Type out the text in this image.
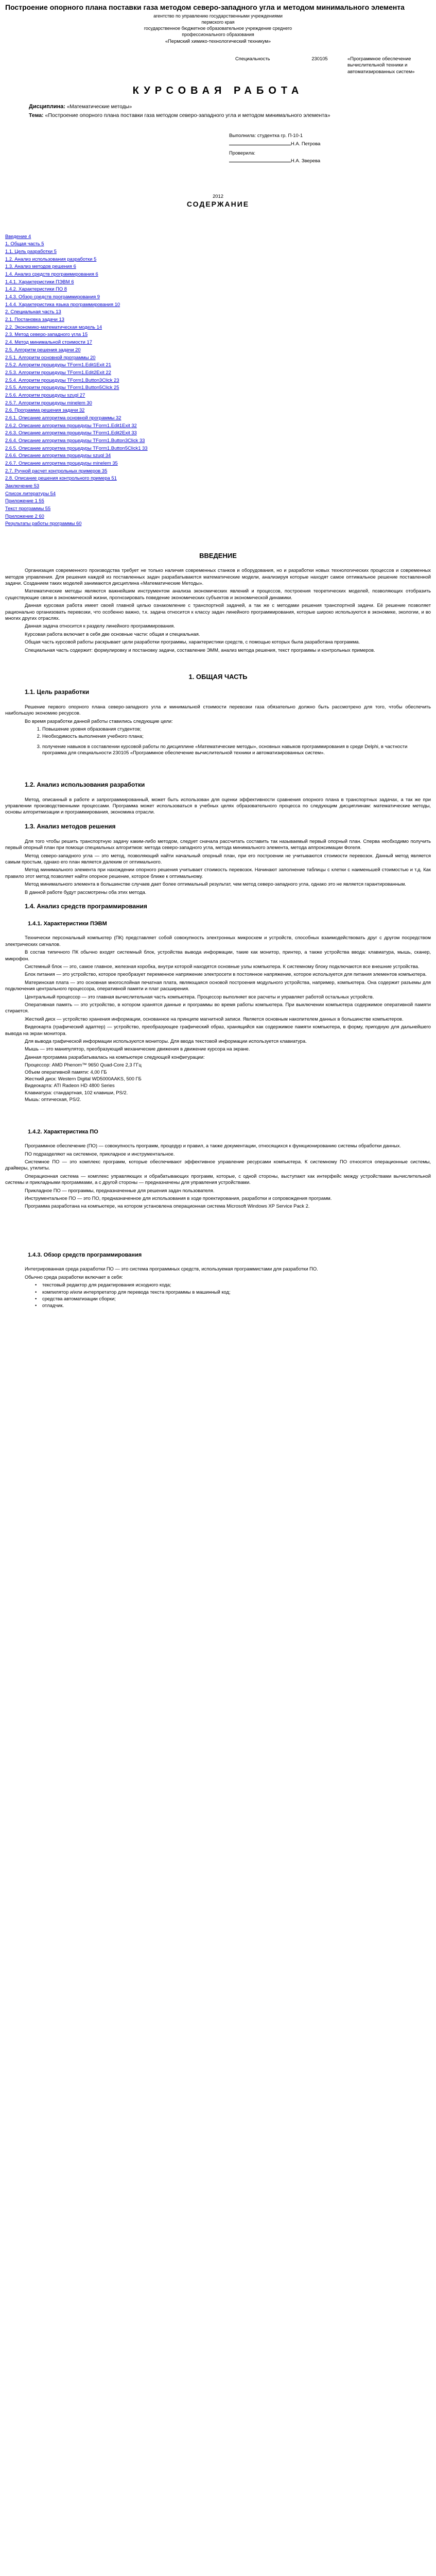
Построение опорного плана поставки газа методом северо-западного угла и методом минимального элемента

агентство по управлению государственными учреждениями

пермского края

государственное бюджетное образовательное учреждение среднего

профессионального образования

«Пермский химико-технологический техникум»

Специальность	230105	«Программное обеспечение вычислительной техники и автоматизированных систем»
КУРСОВАЯ РАБОТА
Дисциплина: «Математические методы»
Тема: «Построение опорного плана поставки газа методом северо-западного угла и методом минимального элемента»

Выполнила: студентка гр. П-10-1

Н.А. Петрова

Проверила:

Н.А. Зверева

2012

СОДЕРЖАНИЕ
Введение 4
1. Общая часть 5
1.1. Цель разработки 5
1.2. Анализ использования разработки 5
1.3. Анализ методов решения 6
1.4. Анализ средств программирования 6
1.4.1. Характеристики ПЭВМ 6
1.4.2. Характеристики ПО 8
1.4.3. Обзор средств программирования 9
1.4.4. Характеристика языка программирования 10
2. Специальная часть 13
2.1. Постановка задачи 13
2.2. Экономико-математическая модель 14
2.3. Метод северо-западного угла 15
2.4. Метод минимальной стоимости 17
2.5. Алгоритм решения задачи 20
2.5.1. Алгоритм основной программы 20
2.5.2. Алгоритм процедуры TForm1.Edit1Exit 21
2.5.3. Алгоритм процедуры TForm1.Edit2Exit 22
2.5.4. Алгоритм процедуры TForm1.Button3Click 23
2.5.5. Алгоритм процедуры TForm1.Button5Click 25
2.5.6. Алгоритм процедуры szugl 27
2.5.7. Алгоритм процедуры minelem 30
2.6. Программа решения задачи 32
2.6.1. Описание алгоритма основной программы 32
2.6.2. Описание алгоритма процедуры TForm1.Edit1Exit 32
2.6.3. Описание алгоритма процедуры TForm1.Edit2Exit 33
2.6.4. Описание алгоритма процедуры TForm1.Button3Click 33
2.6.5. Описание алгоритма процедуры TForm1.Button5Click1 33
2.6.6. Описание алгоритма процедуры szugl 34
2.6.7. Описание алгоритма процедуры minelem 35
2.7. Ручной расчет контрольных примеров 35
2.8. Описание решения контрольного примера 51
Заключение 53
Список литературы 54
Приложение 1 55
Текст программы 55
Приложение 2 60
Результаты работы программы 60
ВВЕДЕНИЕ

Организация современного производства требует не только наличия современных станков и оборудования, но и разработки новых технологических процессов и современных методов управления. Для решения каждой из поставленных задач разрабатываются математические модели, анализируя которые находят самое оптимальное решение поставленной задачи. Созданием таких моделей занимаются дисциплина «Математические Методы».

Математические методы являются важнейшим инструментом анализа экономических явлений и процессов, построения теоретических моделей, позволяющих отобразить существующие связи в экономической жизни, прогнозировать поведение экономических субъектов и экономической динамики.

Данная курсовая работа имеет своей главной целью ознакомление с транспортной задачей, а так же с методами решения транспортной задачи. Её решение позволяет рационально организовать перевозки, что особенно важно, т.к. задача относится к классу задач линейного программирования, которые широко используются в экономике, экологии, и во многих других отраслях.

Данная задача относится к разделу линейного программирования.

Курсовая работа включает в себя две основные части: общая и специальная.

Общая часть курсовой работы раскрывает цели разработки программы, характеристики средств, с помощью которых была разработана программа.

Специальная часть содержит: формулировку и постановку задачи, составление ЭММ, анализ метода решения, текст программы и контрольных примеров.

1. ОБЩАЯ ЧАСТЬ
1.1. Цель разработки

Решение первого опорного плана северо-западного угла и минимальной стоимости перевозки газа обязательно должно быть рассмотрено для того, чтобы обеспечить наибольшую экономию ресурсов.

Во время разработки данной работы ставились следующие цели:

1. Повышение уровня образования студентов;
2. Необходимость выполнения учебного плана;
3. получение навыков в составлении курсовой работы по дисциплине «Математические методы», основных навыков программирования в среде Delphi, в частности программа для специальности 230105 «Программное обеспечение вычислительной техники и автоматизированных систем».
1.2. Анализ использования разработки

Метод, описанный в работе и запрограммированный, может быть использован для оценки эффективности сравнения опорного плана в транспортных задачах, а так же при управлении производственными процессами. Программа может использоваться в учебных целях образовательного процесса по следующим дисциплинам: математические методы, основы алгоритмизации и программирования, экономика отрасли.

1.3. Анализ методов решения

Для того чтобы решить транспортную задачу каким-либо методом, следует сначала рассчитать составить так называемый первый опорный план. Сперва необходимо получить первый опорный план при помощи специальных алгоритмов: метода северо-западного угла, метода минимального элемента, метода аппроксимации Фогеля.

Метод северо-западного угла — это метод, позволяющий найти начальный опорный план, при его построении не учитываются стоимости перевозок. Данный метод является самым простым, однако его план является далеким от оптимального.

Метод минимального элемента при нахождении опорного решения учитывает стоимость перевозок. Начинают заполнение таблицы с клетки с наименьшей стоимостью и т.д. Как правило этот метод позволяет найти опорное решение, которое ближе к оптимальному.

Метод минимального элемента в большинстве случаев дает более оптимальный результат, чем метод северо-западного угла, однако это не является гарантированным.

В данной работе будут рассмотрены оба этих метода.

1.4. Анализ средств программирования
1.4.1. Характеристики ПЭВМ

Технически персональный компьютер (ПК) представляет собой совокупность электронных микросхем и устройств, способных взаимодействовать друг с другом посредством электрических сигналов.

В состав типичного ПК обычно входят системный блок, устройства вывода информации, такие как монитор, принтер, а также устройства ввода: клавиатура, мышь, сканер, микрофон.

Системный блок — это, самое главное, железная коробка, внутри которой находятся основные узлы компьютера. К системному блоку подключаются все внешние устройства.

Блок питания — это устройство, которое преобразует переменное напряжение электросети в постоянное напряжение, которое используется для питания элементов компьютера.

Материнская плата — это основная многослойная печатная плата, являющаяся основой построения модульного устройства, например, компьютера. Она содержит разъемы для подключения центрального процессора, оперативной памяти и плат расширения.

Центральный процессор — это главная вычислительная часть компьютера. Процессор выполняет все расчеты и управляет работой остальных устройств.

Оперативная память — это устройство, в котором хранятся данные и программы во время работы компьютера. При выключении компьютера содержимое оперативной памяти стирается.

Жесткий диск — устройство хранения информации, основанное на принципе магнитной записи. Является основным накопителем данных в большинстве компьютеров.

Видеокарта (графический адаптер) — устройство, преобразующее графический образ, хранящийся как содержимое памяти компьютера, в форму, пригодную для дальнейшего вывода на экран монитора.

Для вывода графической информации используются мониторы. Для ввода текстовой информации используется клавиатура.

Мышь — это манипулятор, преобразующий механические движения в движение курсора на экране.

Данная программа разрабатывалась на компьютере следующей конфигурации:

Процессор: AMD Phenom™ 9650 Quad-Core 2,3 ГГц

Объем оперативной памяти: 4,00 ГБ

Жесткий диск: Western Digital WD5000AAKS, 500 ГБ

Видеокарта: ATI Radeon HD 4800 Series

Клавиатура: стандартная, 102 клавиши, PS/2.

Мышь: оптическая, PS/2.

1.4.2. Характеристика ПО

Программное обеспечение (ПО) — совокупность программ, процедур и правил, а также документации, относящихся к функционированию системы обработки данных.

ПО подразделяют на системное, прикладное и инструментальное.

Системное ПО — это комплекс программ, которые обеспечивают эффективное управление ресурсами компьютера. К системному ПО относятся операционные системы, драйверы, утилиты.

Операционная система — комплекс управляющих и обрабатывающих программ, которые, с одной стороны, выступают как интерфейс между устройствами вычислительной системы и прикладными программами, а с другой стороны — предназначены для управления устройствами.

Прикладное ПО — программы, предназначенные для решения задач пользователя.

Инструментальное ПО — это ПО, предназначенное для использования в ходе проектирования, разработки и сопровождения программ.

Программа разработана на компьютере, на котором установлена операционная система Microsoft Windows XP Service Pack 2.

1.4.3. Обзор средств программирования

Интегрированная среда разработки ПО — это система программных средств, используемая программистами для разработки ПО.

Обычно среда разработки включает в себя:

• текстовый редактор для редактирования исходного кода;
• компилятор и/или интерпретатор для перевода текста программы в машинный код;
• средства автоматизации сборки;
• отладчик.
